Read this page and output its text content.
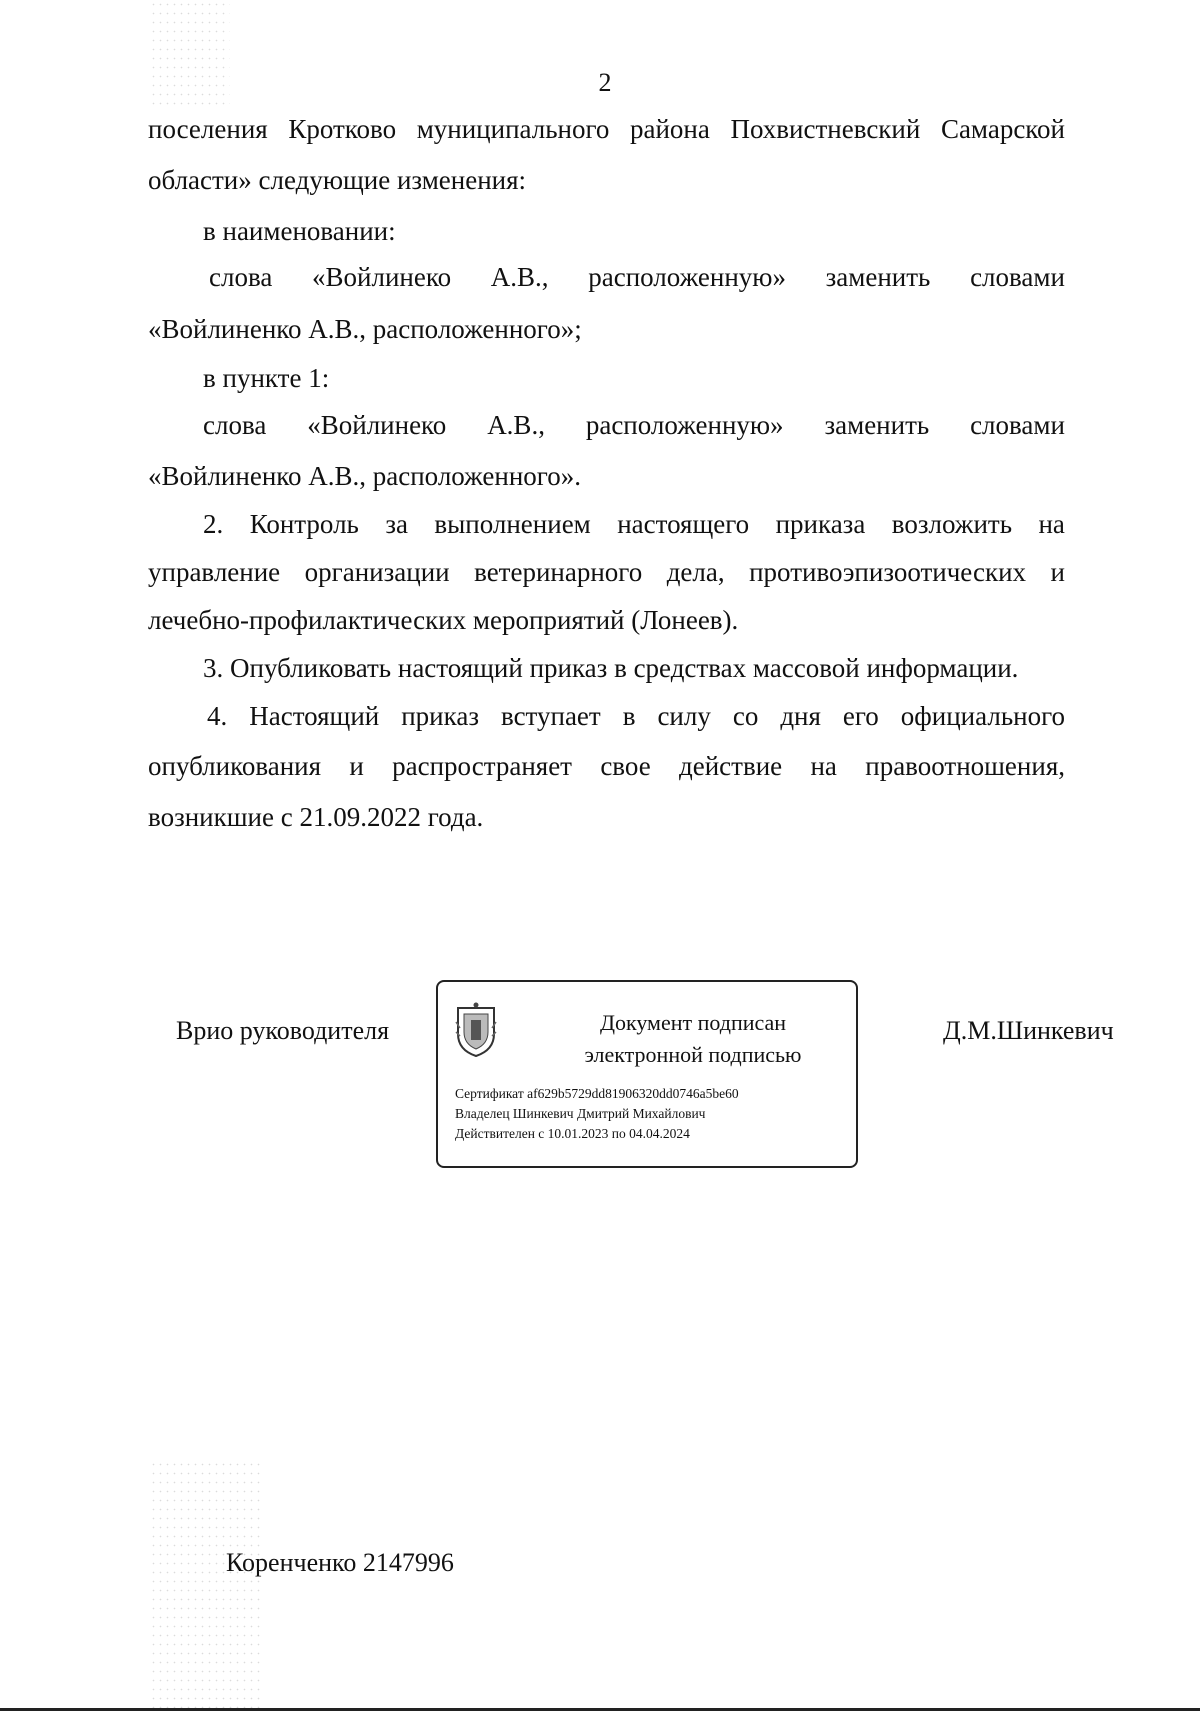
2
поселения Кротково муниципального района Похвистневский Самарской
области» следующие изменения:
в наименовании:
слова «Войлинеко А.В., расположенную» заменить словами
«Войлиненко А.В., расположенного»;
в пункте 1:
слова «Войлинеко А.В., расположенную» заменить словами
«Войлиненко А.В., расположенного».
2. Контроль за выполнением настоящего приказа возложить на
управление организации ветеринарного дела, противоэпизоотических и
лечебно-профилактических мероприятий (Лонеев).
3. Опубликовать настоящий приказ в средствах массовой информации.
4. Настоящий приказ вступает в силу со дня его официального
опубликования и распространяет свое действие на правоотношения,
возникшие с 21.09.2022 года.
Врио руководителя	Документ подписан
электронной подписью
Сертификат af629b5729dd81906320dd0746a5be60
Владелец Шинкевич Дмитрий Михайлович
Действителен с 10.01.2023 по 04.04.2024
Д.М.Шинкевич
Коренченко 2147996
